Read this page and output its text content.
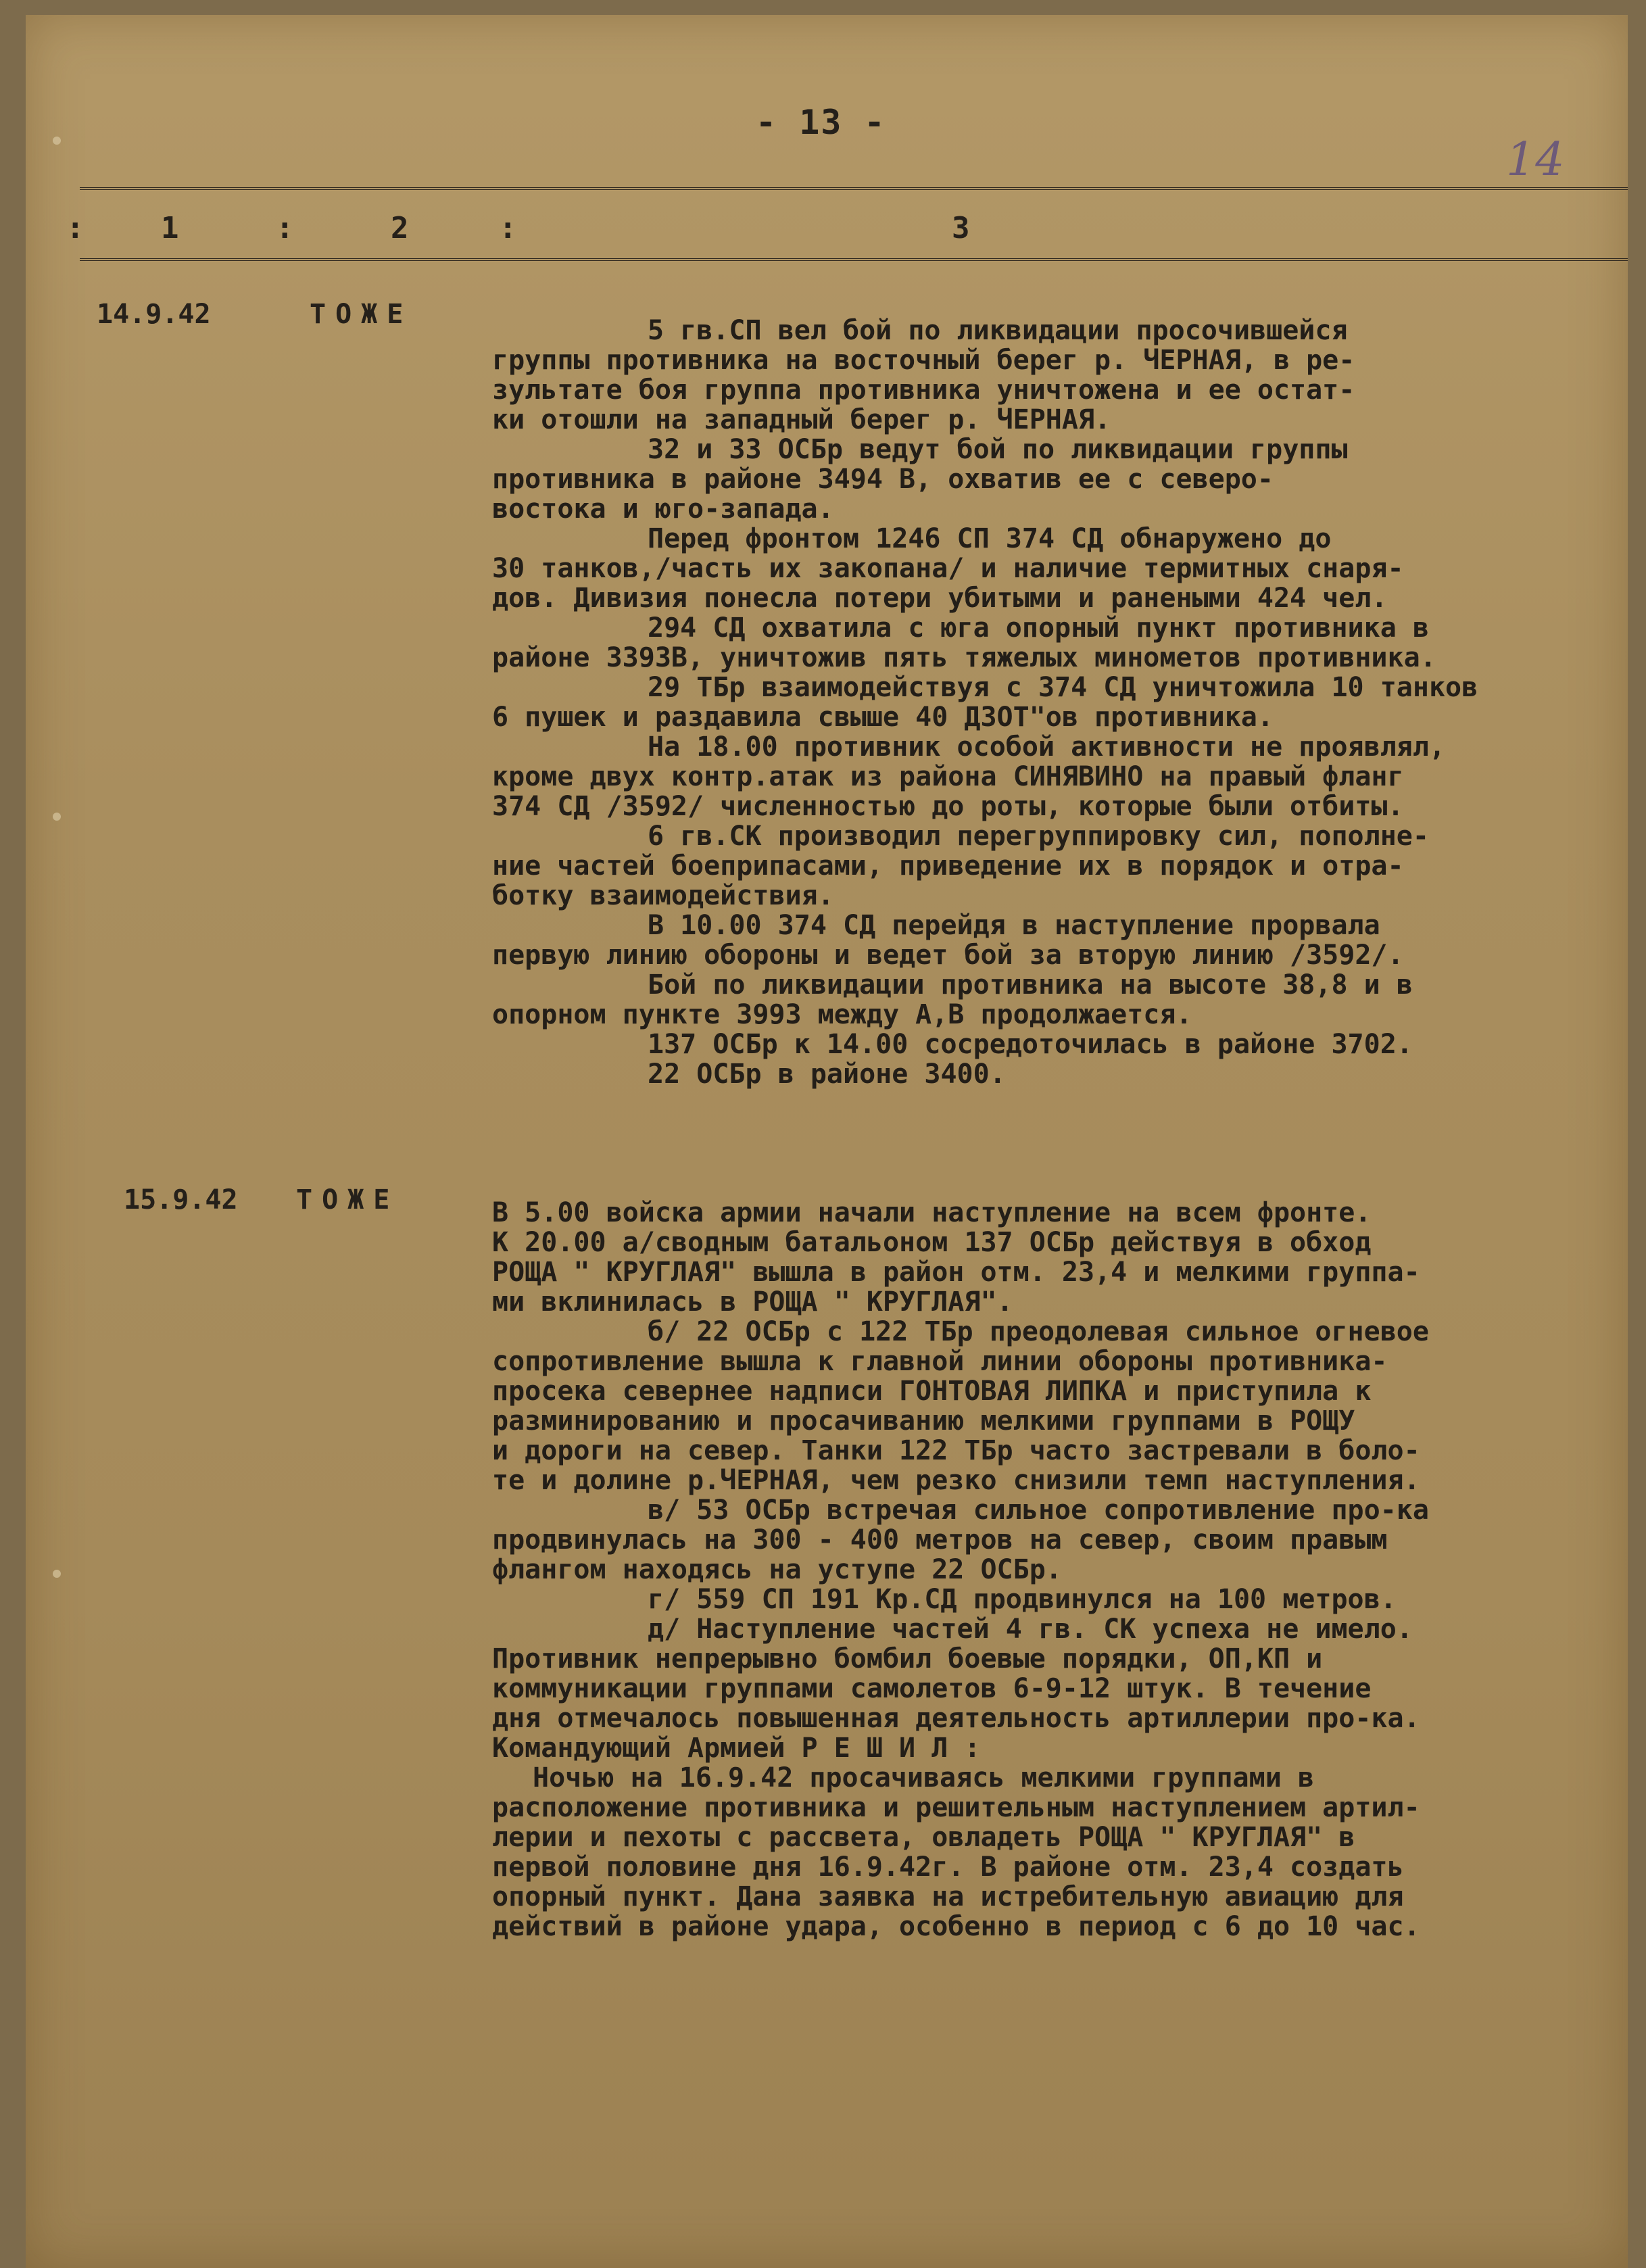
- 13 -
14
:	1	:	2	:	3
14.9.42	ТОЖЕ
5 гв.СП вел бой по ликвидации просочившейся
группы противника на восточный берег р. ЧЕРНАЯ, в ре-
зультате боя группа противника уничтожена и ее остат-
ки отошли на западный берег р. ЧЕРНАЯ.
32 и 33 ОСБр ведут бой по ликвидации группы
противника в районе 3494 В, охватив ее с северо-
востока и юго-запада.
Перед фронтом 1246 СП 374 СД обнаружено до
30 танков,/часть их закопана/ и наличие термитных снаря-
дов. Дивизия понесла потери убитыми и ранеными 424 чел.
294 СД охватила с юга опорный пункт противника в
районе 3393В, уничтожив пять тяжелых минометов противника.
29 ТБр взаимодействуя с 374 СД уничтожила 10 танков
6 пушек и раздавила свыше 40 ДЗОТ"ов противника.
На 18.00 противник особой активности не проявлял,
кроме двух контр.атак из района СИНЯВИНО на правый фланг
374 СД /3592/ численностью до роты, которые были отбиты.
6 гв.СК производил перегруппировку сил, пополне-
ние частей боеприпасами, приведение их в порядок и отра-
ботку взаимодействия.
В 10.00 374 СД перейдя в наступление прорвала
первую линию обороны и ведет бой за вторую линию /3592/.
Бой по ликвидации противника на высоте 38,8 и в
опорном пункте 3993 между А,В продолжается.
137 ОСБр к 14.00 сосредоточилась в районе 3702.
22 ОСБр в районе 3400.
15.9.42 ТОЖЕ	В 5.00 войска армии начали наступление на всем фронте.
К 20.00 а/сводным батальоном 137 ОСБр действуя в обход
РОЩА " КРУГЛАЯ" вышла в район отм. 23,4 и мелкими группа-
ми вклинилась в РОЩА " КРУГЛАЯ".
б/ 22 ОСБр с 122 ТБр преодолевая сильное огневое
сопротивление вышла к главной линии обороны противника-
просека севернее надписи ГОНТОВАЯ ЛИПКА и приступила к
разминированию и просачиванию мелкими группами в РОЩУ
и дороги на север. Танки 122 ТБр часто застревали в боло-
те и долине р.ЧЕРНАЯ, чем резко снизили темп наступления.
в/ 53 ОСБр встречая сильное сопротивление про-ка
продвинулась на 300 - 400 метров на север, своим правым
флангом находясь на уступе 22 ОСБр.
г/ 559 СП 191 Кр.СД продвинулся на 100 метров.
д/ Наступление частей 4 гв. СК успеха не имело.
Противник непрерывно бомбил боевые порядки, ОП,КП и
коммуникации группами самолетов 6-9-12 штук. В течение
дня отмечалось повышенная деятельность артиллерии про-ка.
Командующий Армией Р Е Ш И Л :
Ночью на 16.9.42 просачиваясь мелкими группами в
расположение противника и решительным наступлением артил-
лерии и пехоты с рассвета, овладеть РОЩА " КРУГЛАЯ" в
первой половине дня 16.9.42г. В районе отм. 23,4 создать
опорный пункт. Дана заявка на истребительную авиацию для
действий в районе удара, особенно в период с 6 до 10 час.
